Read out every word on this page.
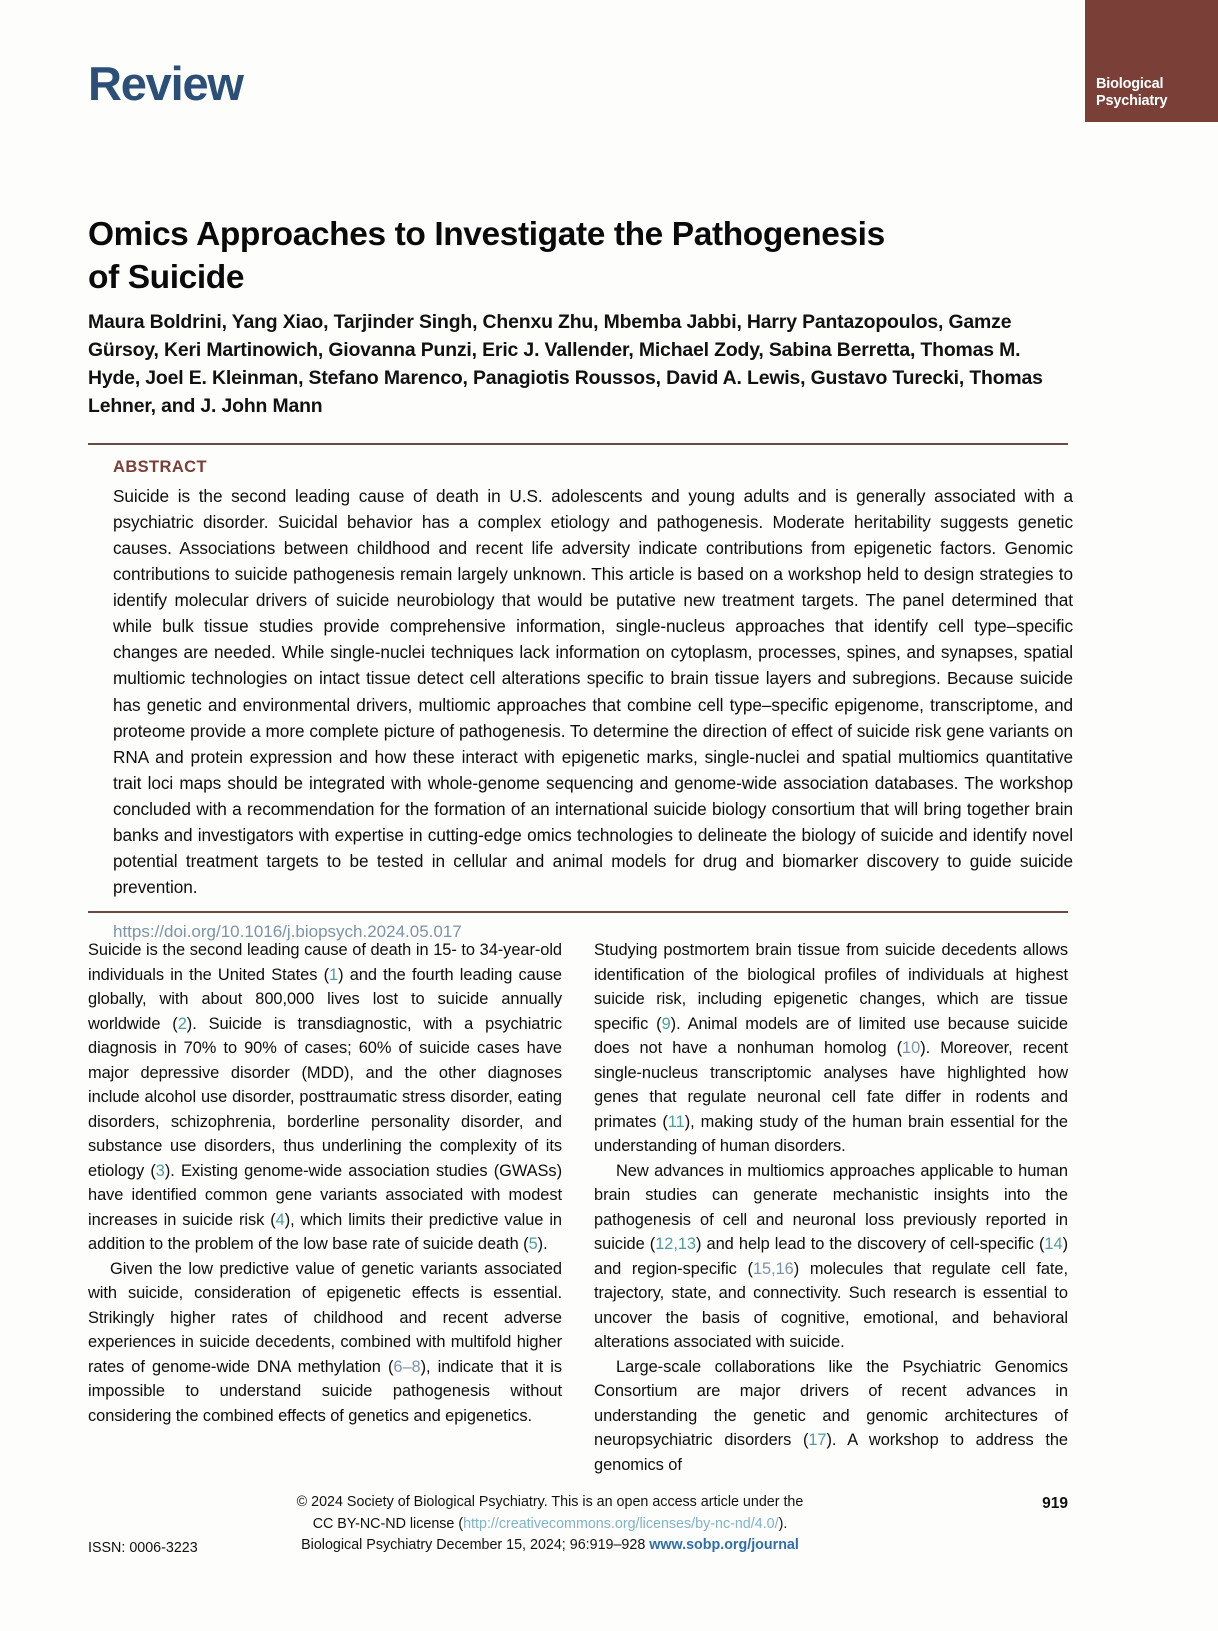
Biological
Psychiatry
Review
Omics Approaches to Investigate the Pathogenesis of Suicide
Maura Boldrini, Yang Xiao, Tarjinder Singh, Chenxu Zhu, Mbemba Jabbi, Harry Pantazopoulos, Gamze Gürsoy, Keri Martinowich, Giovanna Punzi, Eric J. Vallender, Michael Zody, Sabina Berretta, Thomas M. Hyde, Joel E. Kleinman, Stefano Marenco, Panagiotis Roussos, David A. Lewis, Gustavo Turecki, Thomas Lehner, and J. John Mann
ABSTRACT
Suicide is the second leading cause of death in U.S. adolescents and young adults and is generally associated with a psychiatric disorder. Suicidal behavior has a complex etiology and pathogenesis. Moderate heritability suggests genetic causes. Associations between childhood and recent life adversity indicate contributions from epigenetic factors. Genomic contributions to suicide pathogenesis remain largely unknown. This article is based on a workshop held to design strategies to identify molecular drivers of suicide neurobiology that would be putative new treatment targets. The panel determined that while bulk tissue studies provide comprehensive information, single-nucleus approaches that identify cell type–specific changes are needed. While single-nuclei techniques lack information on cytoplasm, processes, spines, and synapses, spatial multiomic technologies on intact tissue detect cell alterations specific to brain tissue layers and subregions. Because suicide has genetic and environmental drivers, multiomic approaches that combine cell type–specific epigenome, transcriptome, and proteome provide a more complete picture of pathogenesis. To determine the direction of effect of suicide risk gene variants on RNA and protein expression and how these interact with epigenetic marks, single-nuclei and spatial multiomics quantitative trait loci maps should be integrated with whole-genome sequencing and genome-wide association databases. The workshop concluded with a recommendation for the formation of an international suicide biology consortium that will bring together brain banks and investigators with expertise in cutting-edge omics technologies to delineate the biology of suicide and identify novel potential treatment targets to be tested in cellular and animal models for drug and biomarker discovery to guide suicide prevention.
https://doi.org/10.1016/j.biopsych.2024.05.017

Suicide is the second leading cause of death in 15- to 34-year-old individuals in the United States (1) and the fourth leading cause globally, with about 800,000 lives lost to suicide annually worldwide (2). Suicide is transdiagnostic, with a psychiatric diagnosis in 70% to 90% of cases; 60% of suicide cases have major depressive disorder (MDD), and the other diagnoses include alcohol use disorder, posttraumatic stress disorder, eating disorders, schizophrenia, borderline personality disorder, and substance use disorders, thus underlining the complexity of its etiology (3). Existing genome-wide association studies (GWASs) have identified common gene variants associated with modest increases in suicide risk (4), which limits their predictive value in addition to the problem of the low base rate of suicide death (5).

Given the low predictive value of genetic variants associated with suicide, consideration of epigenetic effects is essential. Strikingly higher rates of childhood and recent adverse experiences in suicide decedents, combined with multifold higher rates of genome-wide DNA methylation (6–8), indicate that it is impossible to understand suicide pathogenesis without considering the combined effects of genetics and epigenetics.

Studying postmortem brain tissue from suicide decedents allows identification of the biological profiles of individuals at highest suicide risk, including epigenetic changes, which are tissue specific (9). Animal models are of limited use because suicide does not have a nonhuman homolog (10). Moreover, recent single-nucleus transcriptomic analyses have highlighted how genes that regulate neuronal cell fate differ in rodents and primates (11), making study of the human brain essential for the understanding of human disorders.

New advances in multiomics approaches applicable to human brain studies can generate mechanistic insights into the pathogenesis of cell and neuronal loss previously reported in suicide (12,13) and help lead to the discovery of cell-specific (14) and region-specific (15,16) molecules that regulate cell fate, trajectory, state, and connectivity. Such research is essential to uncover the basis of cognitive, emotional, and behavioral alterations associated with suicide.

Large-scale collaborations like the Psychiatric Genomics Consortium are major drivers of recent advances in understanding the genetic and genomic architectures of neuropsychiatric disorders (17). A workshop to address the genomics of

919
© 2024 Society of Biological Psychiatry. This is an open access article under the
CC BY-NC-ND license (http://creativecommons.org/licenses/by-nc-nd/4.0/).
Biological Psychiatry December 15, 2024; 96:919–928 www.sobp.org/journal
ISSN: 0006-3223
